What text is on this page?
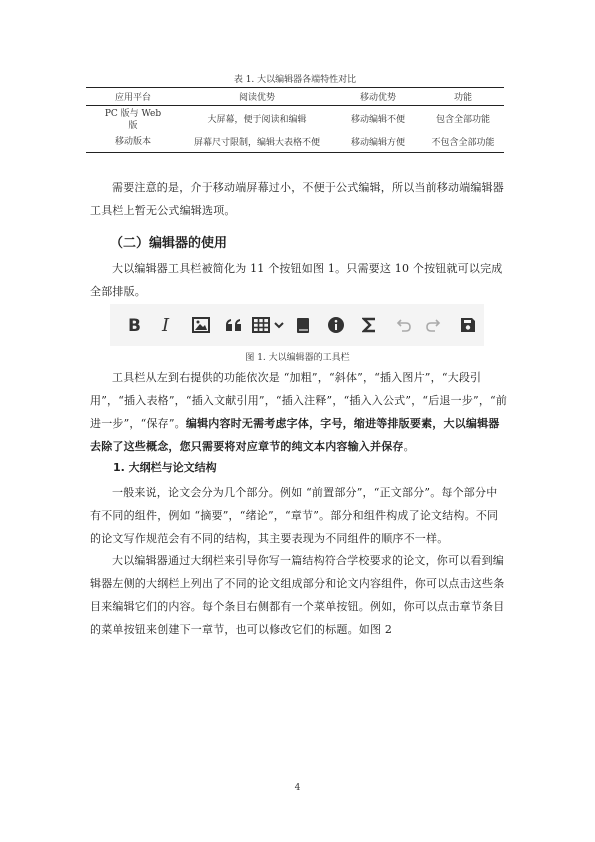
表 1. 大以编辑器各端特性对比
应用平台	阅读优势	移动优势	功能
PC 版与 Web 版	大屏幕，便于阅读和编辑	移动编辑不便	包含全部功能
移动版本	屏幕尺寸限制，编辑大表格不便	移动编辑方便	不包含全部功能

需要注意的是，介于移动端屏幕过小，不便于公式编辑，所以当前移动端编辑器工具栏上暂无公式编辑选项。

（二）编辑器的使用

大以编辑器工具栏被简化为 11 个按钮如图 1。只需要这 10 个按钮就可以完成全部排版。

B I
图 1. 大以编辑器的工具栏

工具栏从左到右提供的功能依次是 “加粗”，“斜体”，“插入图片”，“大段引用”，“插入表格”，“插入文献引用”，“插入注释”，“插入入公式”，“后退一步”，“前进一步”，“保存”。编辑内容时无需考虑字体，字号，缩进等排版要素，大以编辑器去除了这些概念，您只需要将对应章节的纯文本内容输入并保存。

1. 大纲栏与论文结构

一般来说，论文会分为几个部分。例如 “前置部分”，“正文部分”。每个部分中有不同的组件，例如 “摘要”，“绪论”，“章节”。部分和组件构成了论文结构。不同的论文写作规范会有不同的结构，其主要表现为不同组件的顺序不一样。

大以编辑器通过大纲栏来引导你写一篇结构符合学校要求的论文，你可以看到编辑器左侧的大纲栏上列出了不同的论文组成部分和论文内容组件，你可以点击这些条目来编辑它们的内容。每个条目右侧都有一个菜单按钮。例如，你可以点击章节条目的菜单按钮来创建下一章节，也可以修改它们的标题。如图 2

4
